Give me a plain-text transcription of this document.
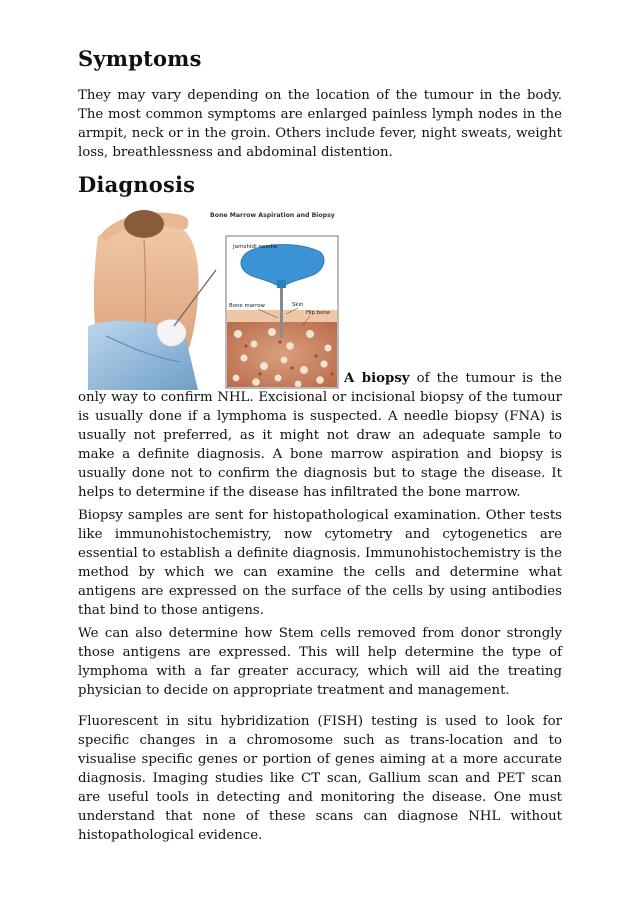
Symptoms

They may vary depending on the location of the tumour in the body. The most common symptoms are enlarged painless lymph nodes in the armpit, neck or in the groin. Others include fever, night sweats, weight loss, breathlessness and abdominal distention.

Diagnosis
Bone Marrow Aspiration and Biopsy
Jamshidi needle
Bone marrow	Skin
Hip bone

A biopsy of the tumour is the only way to confirm NHL. Excisional or incisional biopsy of the tumour is usually done if a lymphoma is suspected. A needle biopsy (FNA) is usually not preferred, as it might not draw an adequate sample to make a definite diagnosis. A bone marrow aspiration and biopsy is usually done not to confirm the diagnosis but to stage the disease. It helps to determine if the disease has infiltrated the bone marrow.

Biopsy samples are sent for histopathological examination. Other tests like immunohistochemistry, now cytometry and cytogenetics are essential to establish a definite diagnosis. Immunohistochemistry is the method by which we can examine the cells and determine what antigens are expressed on the surface of the cells by using antibodies that bind to those antigens.

We can also determine how Stem cells removed from donor strongly those antigens are expressed. This will help determine the type of lymphoma with a far greater accuracy, which will aid the treating physician to decide on appropriate treatment and management.

Fluorescent in situ hybridization (FISH) testing is used to look for specific changes in a chromosome such as trans-location and to visualise specific genes or portion of genes aiming at a more accurate diagnosis. Imaging studies like CT scan, Gallium scan and PET scan are useful tools in detecting and monitoring the disease. One must understand that none of these scans can diagnose NHL without histopathological evidence.
